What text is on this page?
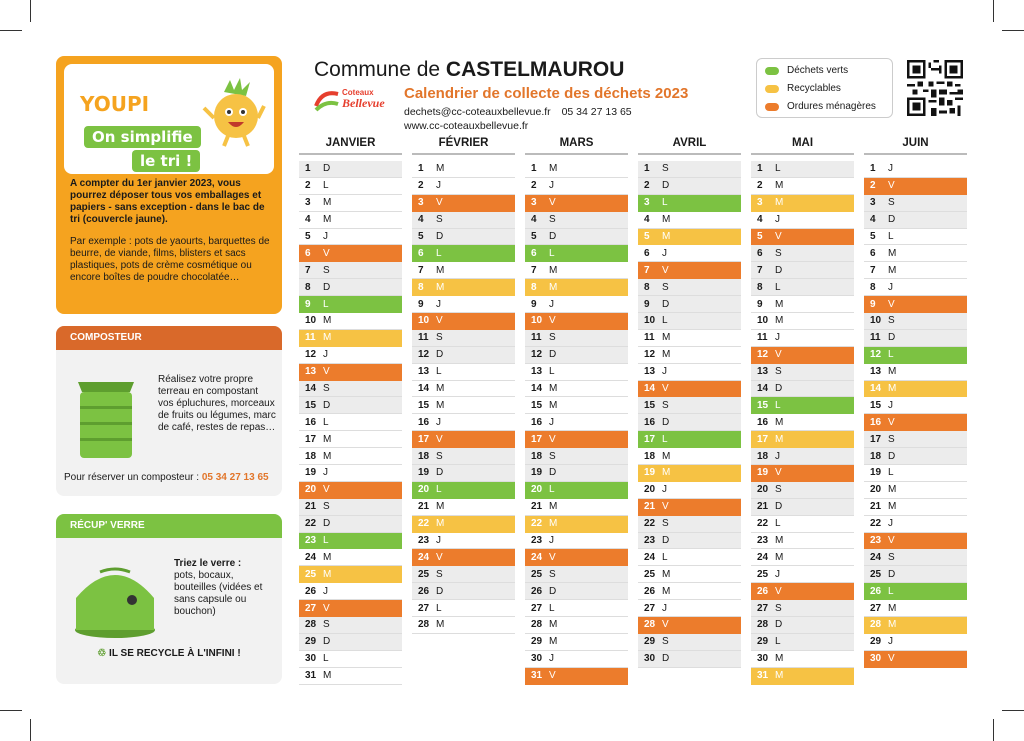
YOUPI
On simplifie
le tri !
A compter du 1er janvier 2023, vous pourrez déposer tous vos emballages et papiers - sans exception - dans le bac de tri (couvercle jaune).
Par exemple : pots de yaourts, barquettes de beurre, de viande, films, blisters et sacs plastiques, pots de crème cosmétique ou encore boîtes de poudre chocolatée…
COMPOSTEUR
Réalisez votre propre terreau en compostant vos épluchures, morceaux de fruits ou légumes, marc de café, restes de repas…
Pour réserver un composteur : 05 34 27 13 65
RÉCUP' VERRE
Triez le verre :
pots, bocaux, bouteilles (vidées et sans capsule ou bouchon)
♲ IL SE RECYCLE À L'INFINI !
Commune de CASTELMAUROU
Coteaux
Bellevue
Calendrier de collecte des déchets 2023
dechets@cc-coteauxbellevue.fr 05 34 27 13 65
www.cc-coteauxbellevue.fr
Déchets verts
Recyclables
Ordures ménagères
JANVIER
1	D
2	L
3	M
4	M
5	J
6	V
7	S
8	D
9	L
10 M
11 M
12 J
13 V
14 S
15 D
16 L
17 M
18 M
19 J
20 V
21 S
22 D
23 L
24 M
25 M
26 J
27 V
28 S
29 D
30 L
31 M
FÉVRIER
1	M
2	J
3	V
4	S
5	D
6	L
7	M
8	M
9	J
10 V
11 S
12 D
13 L
14 M
15 M
16 J
17 V
18 S
19 D
20 L
21 M
22 M
23 J
24 V
25 S
26 D
27 L
28 M
MARS
1	M
2	J
3	V
4	S
5	D
6	L
7	M
8	M
9	J
10 V
11 S
12 D
13 L
14 M
15 M
16 J
17 V
18 S
19 D
20 L
21 M
22 M
23 J
24 V
25 S
26 D
27 L
28 M
29 M
30 J
31 V
AVRIL
1	S
2	D
3	L
4	M
5	M
6	J
7	V
8	S
9	D
10 L
11 M
12 M
13 J
14 V
15 S
16 D
17 L
18 M
19 M
20 J
21 V
22 S
23 D
24 L
25 M
26 M
27 J
28 V
29 S
30 D
MAI
1	L
2	M
3	M
4	J
5	V
6	S
7	D
8	L
9	M
10 M
11 J
12 V
13 S
14 D
15 L
16 M
17 M
18 J
19 V
20 S
21 D
22 L
23 M
24 M
25 J
26 V
27 S
28 D
29 L
30 M
31 M
JUIN
1	J
2	V
3	S
4	D
5	L
6	M
7	M
8	J
9	V
10 S
11 D
12 L
13 M
14 M
15 J
16 V
17 S
18 D
19 L
20 M
21 M
22 J
23 V
24 S
25 D
26 L
27 M
28 M
29 J
30 V
